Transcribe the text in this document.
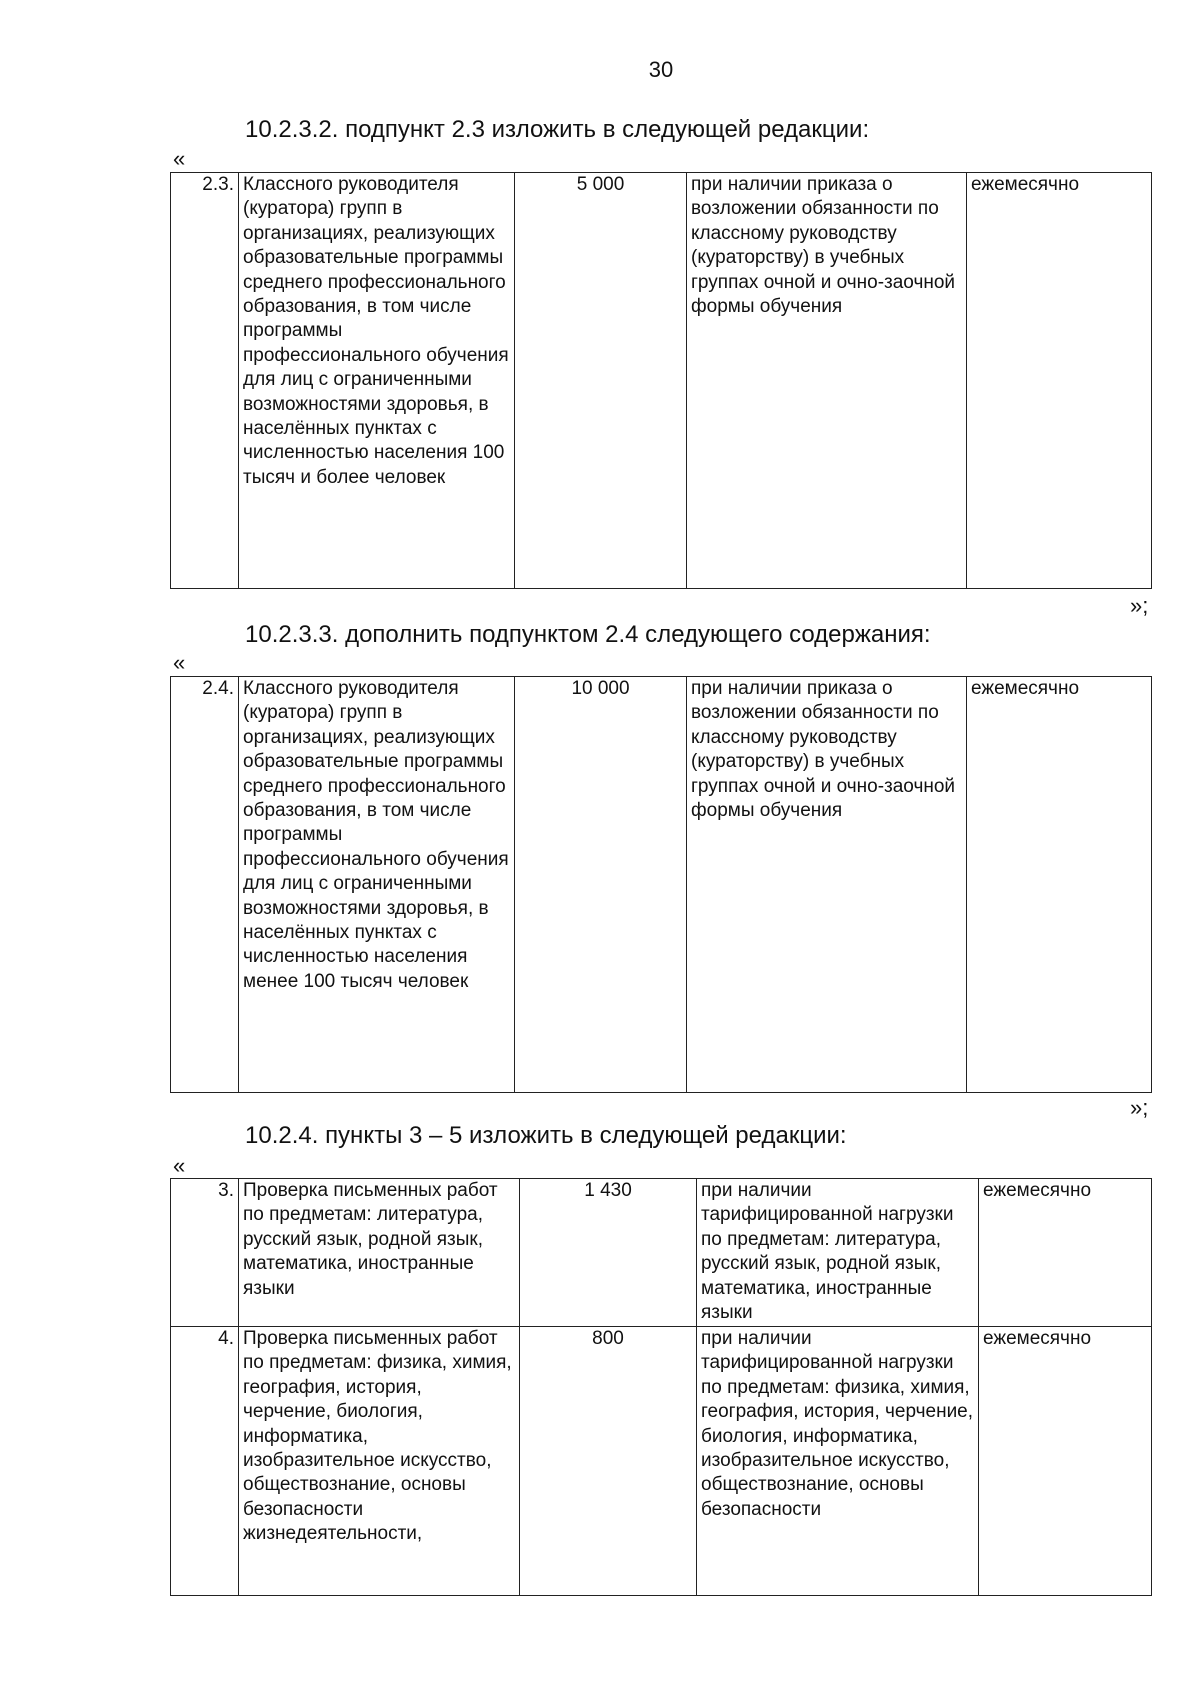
30
10.2.3.2. подпункт 2.3 изложить в следующей редакции:
«
2.3.	Классного руководителя (куратора) групп в организациях, реализующих образовательные программы среднего профессионального образования, в том числе программы профессионального обучения для лиц с ограниченными возможностями здоровья, в населённых пунктах с численностью населения 100 тысяч и более человек	5 000	при наличии приказа о возложении обязанности по классному руководству (кураторству) в учебных группах очной и очно-заочной формы обучения	ежемесячно
»;
10.2.3.3. дополнить подпунктом 2.4 следующего содержания:
«
2.4.	Классного руководителя (куратора) групп в организациях, реализующих образовательные программы среднего профессионального образования, в том числе программы профессионального обучения для лиц с ограниченными возможностями здоровья, в населённых пунктах с численностью населения менее 100 тысяч человек	10 000	при наличии приказа о возложении обязанности по классному руководству (кураторству) в учебных группах очной и очно-заочной формы обучения	ежемесячно
»;
10.2.4. пункты 3 – 5 изложить в следующей редакции:
«
3.	Проверка письменных работ по предметам: литература, русский язык, родной язык, математика, иностранные языки	1 430	при наличии тарифицированной нагрузки по предметам: литература, русский язык, родной язык, математика, иностранные языки	ежемесячно
4.	Проверка письменных работ по предметам: физика, химия, география, история, черчение, биология, информатика, изобразительное искусство, обществознание, основы безопасности жизнедеятельности,	800	при наличии тарифицированной нагрузки по предметам: физика, химия, география, история, черчение, биология, информатика, изобразительное искусство, обществознание, основы безопасности	ежемесячно
